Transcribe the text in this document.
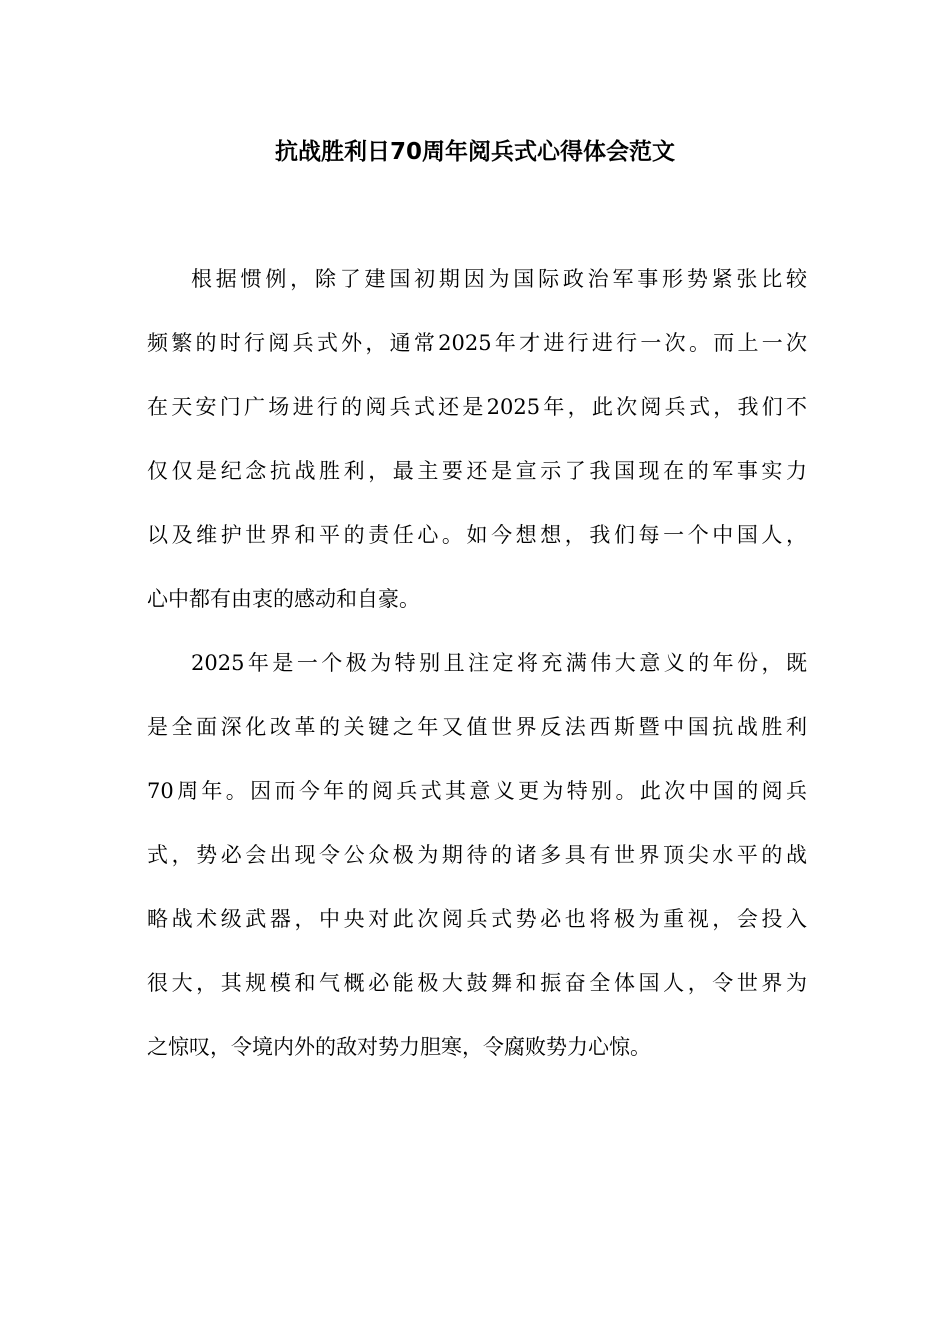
抗战胜利日70周年阅兵式心得体会范文
根据惯例，除了建国初期因为国际政治军事形势紧张比较
频繁的时行阅兵式外，通常2025年才进行进行一次。而上一次
在天安门广场进行的阅兵式还是2025年，此次阅兵式，我们不
仅仅是纪念抗战胜利，最主要还是宣示了我国现在的军事实力
以及维护世界和平的责任心。如今想想，我们每一个中国人，
心中都有由衷的感动和自豪。
2025年是一个极为特别且注定将充满伟大意义的年份，既
是全面深化改革的关键之年又值世界反法西斯暨中国抗战胜利
70周年。因而今年的阅兵式其意义更为特别。此次中国的阅兵
式，势必会出现令公众极为期待的诸多具有世界顶尖水平的战
略战术级武器，中央对此次阅兵式势必也将极为重视，会投入
很大，其规模和气概必能极大鼓舞和振奋全体国人，令世界为
之惊叹，令境内外的敌对势力胆寒，令腐败势力心惊。
